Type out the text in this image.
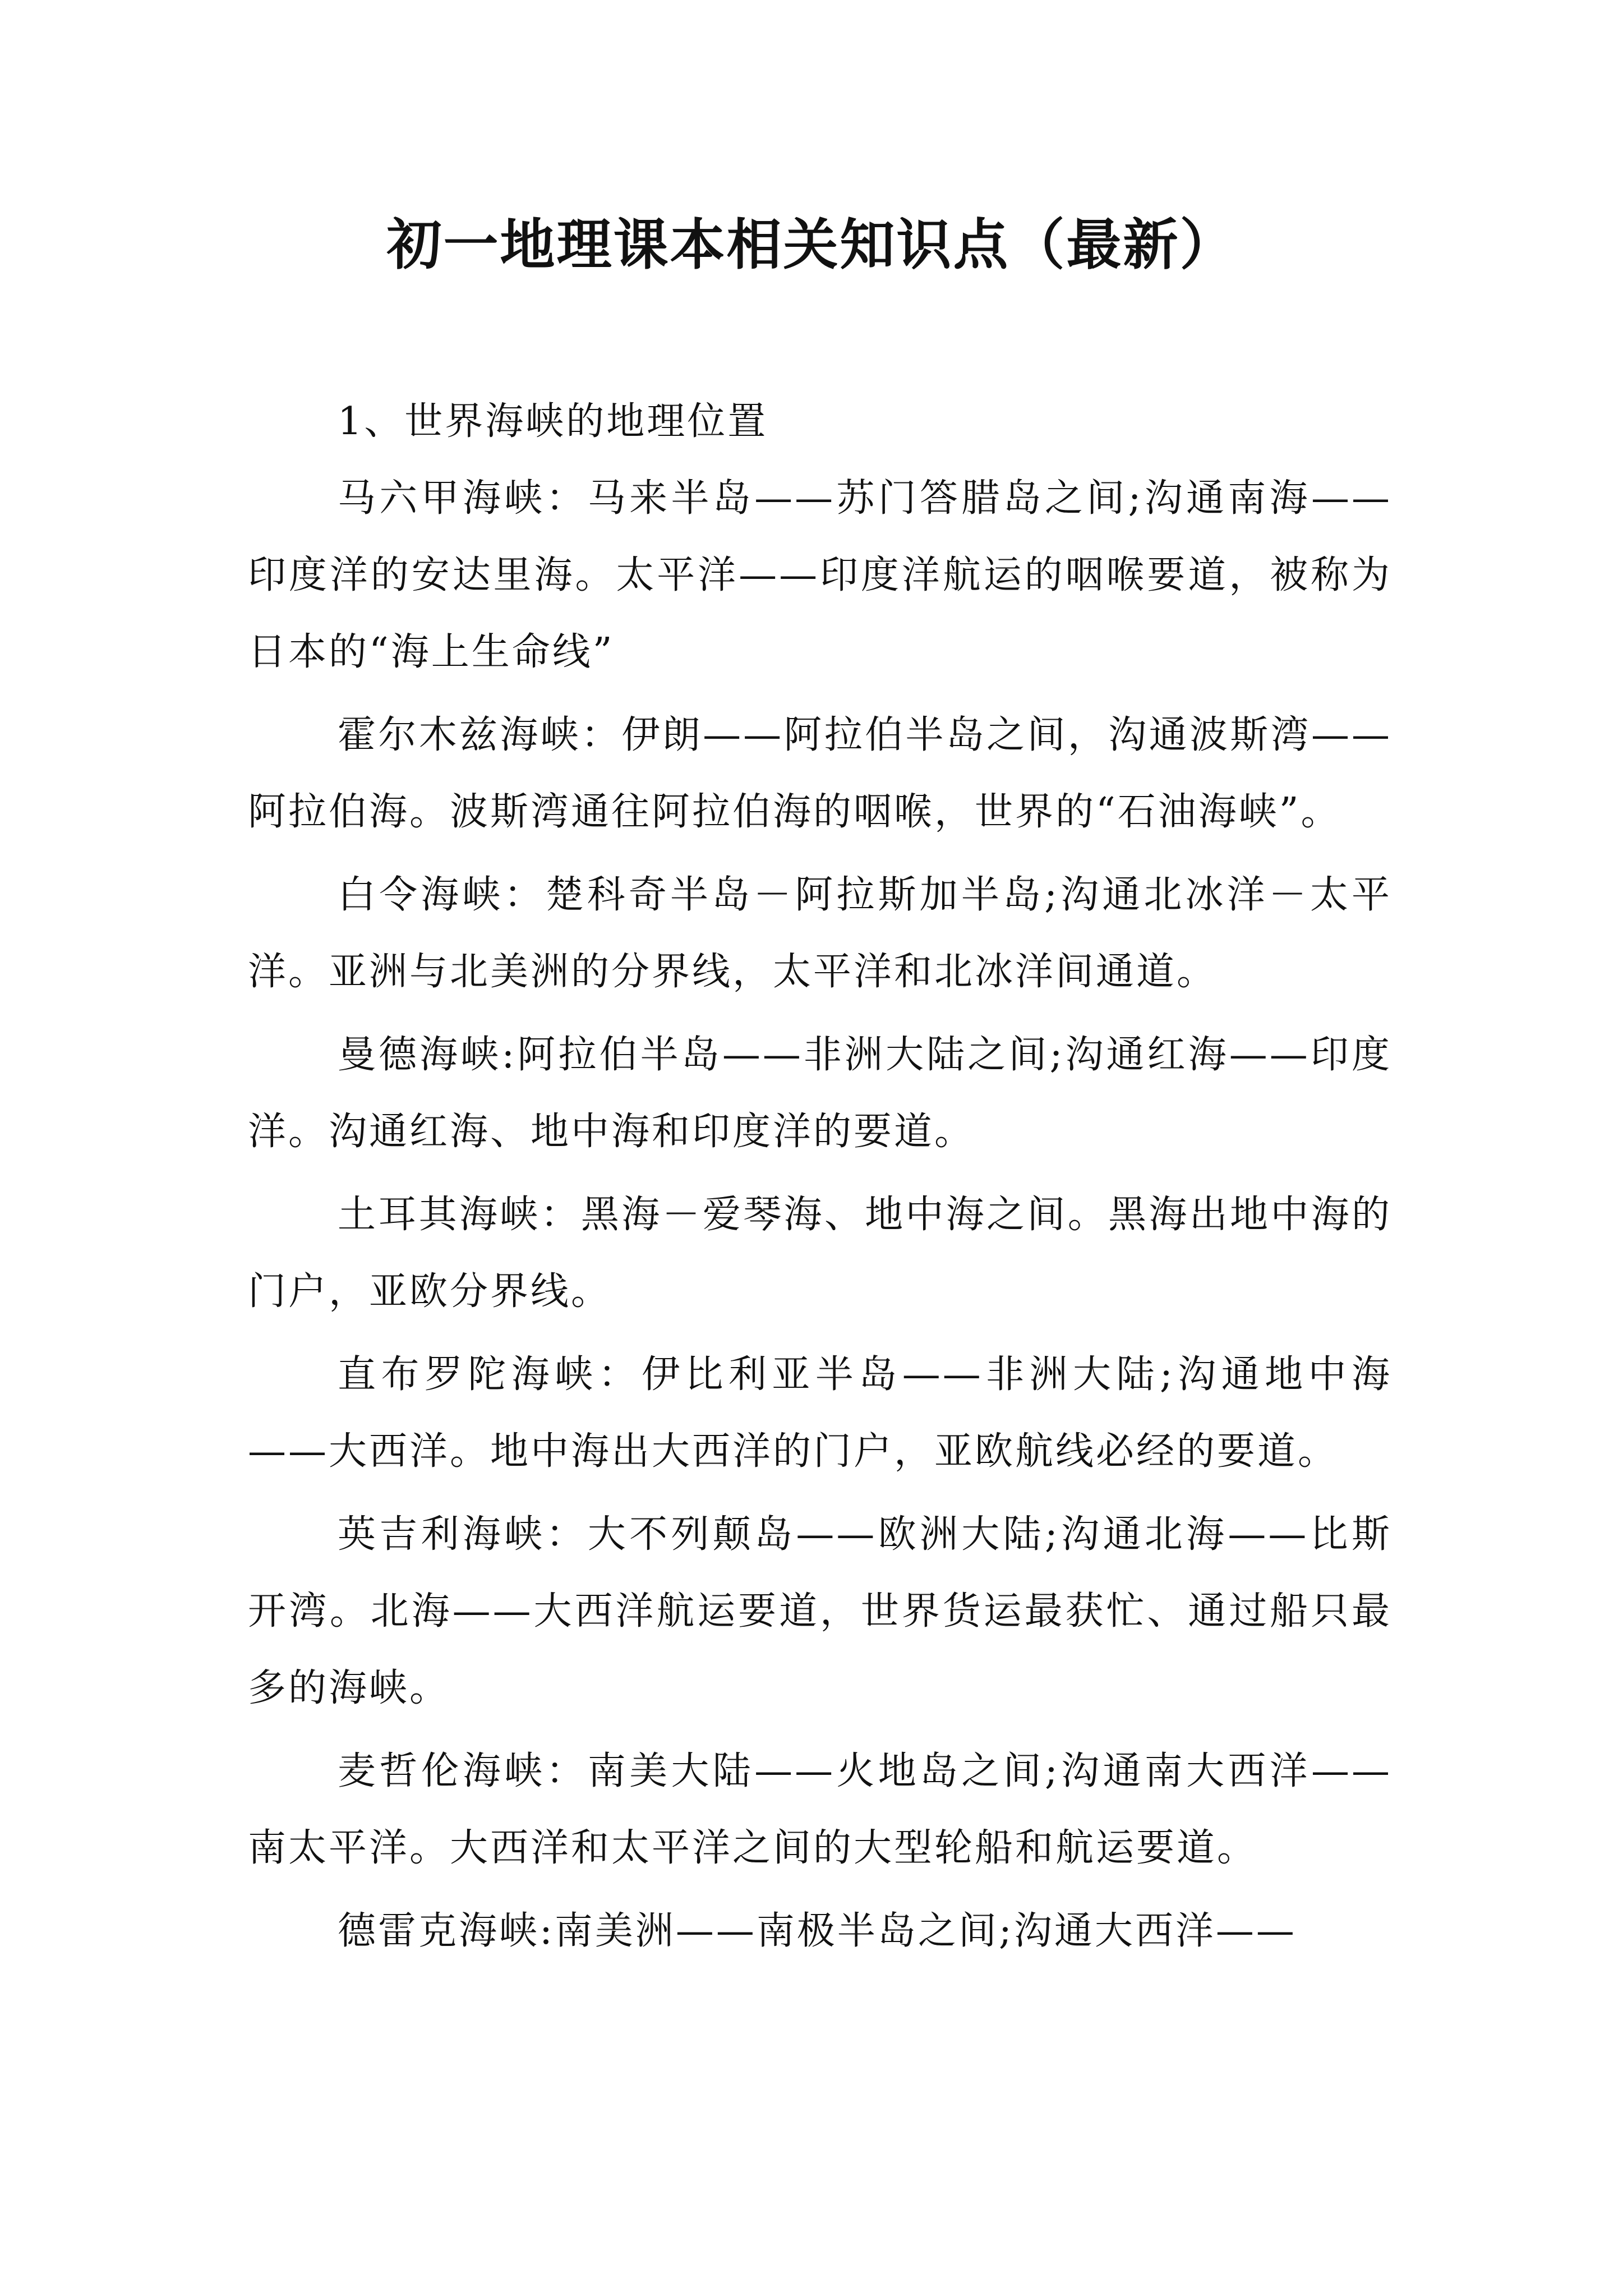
初一地理课本相关知识点（最新）

1、世界海峡的地理位置

马六甲海峡：马来半岛——苏门答腊岛之间;沟通南海——印度洋的安达里海。太平洋——印度洋航运的咽喉要道，被称为日本的“海上生命线”

霍尔木兹海峡：伊朗——阿拉伯半岛之间，沟通波斯湾——阿拉伯海。波斯湾通往阿拉伯海的咽喉，世界的“石油海峡”。

白令海峡：楚科奇半岛－阿拉斯加半岛;沟通北冰洋－太平洋。亚洲与北美洲的分界线，太平洋和北冰洋间通道。

曼德海峡:阿拉伯半岛——非洲大陆之间;沟通红海——印度洋。沟通红海、地中海和印度洋的要道。

土耳其海峡：黑海－爱琴海、地中海之间。黑海出地中海的门户，亚欧分界线。

直布罗陀海峡：伊比利亚半岛——非洲大陆;沟通地中海——大西洋。地中海出大西洋的门户，亚欧航线必经的要道。

英吉利海峡：大不列颠岛——欧洲大陆;沟通北海——比斯开湾。北海——大西洋航运要道，世界货运最获忙、通过船只最多的海峡。

麦哲伦海峡：南美大陆——火地岛之间;沟通南大西洋——南太平洋。大西洋和太平洋之间的大型轮船和航运要道。

德雷克海峡:南美洲——南极半岛之间;沟通大西洋——
